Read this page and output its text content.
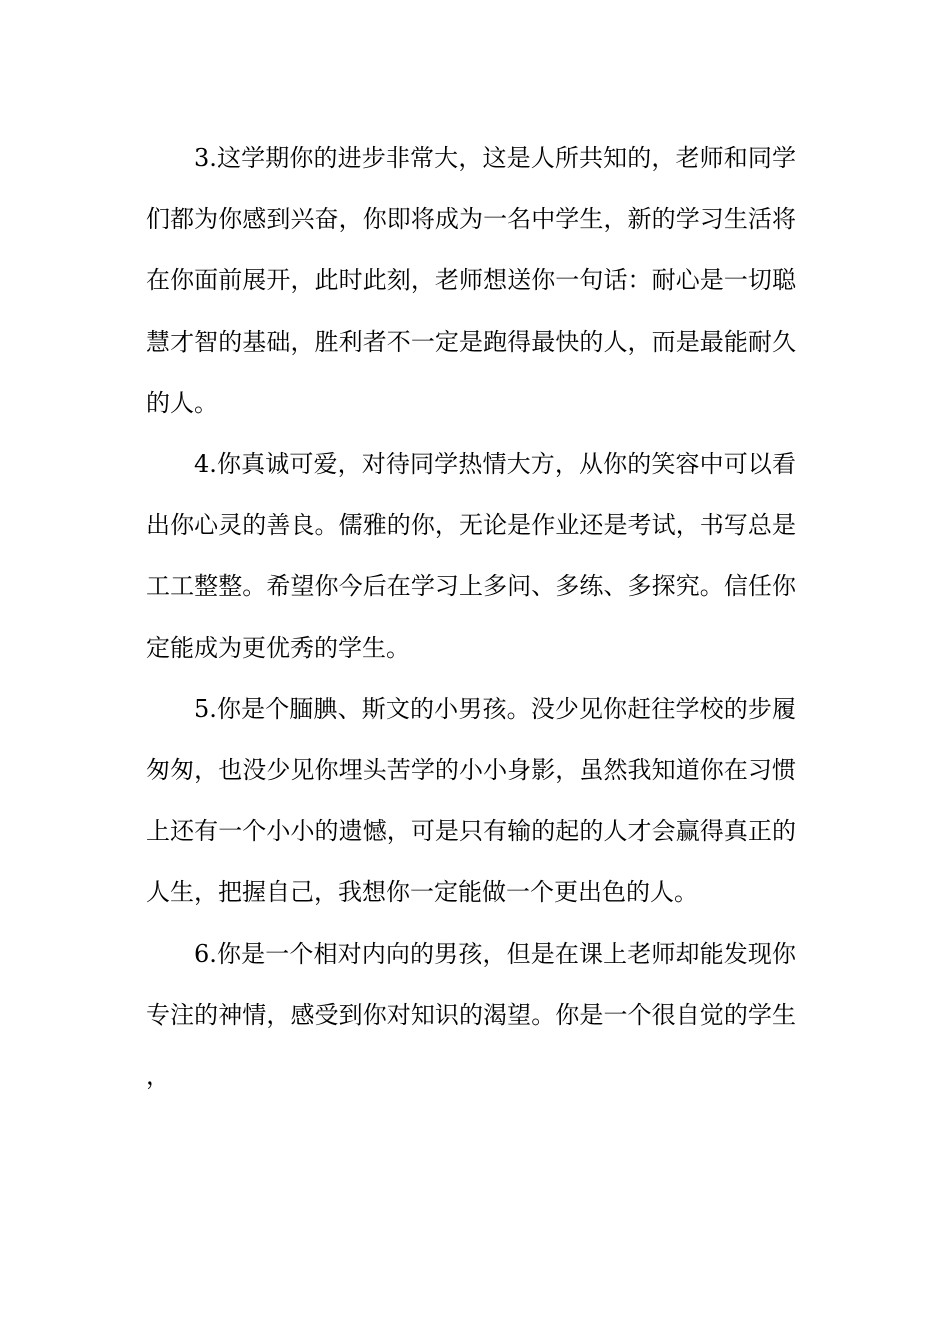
3.这学期你的进步非常大，这是人所共知的，老师和同学们都为你感到兴奋，你即将成为一名中学生，新的学习生活将在你面前展开，此时此刻，老师想送你一句话：耐心是一切聪慧才智的基础，胜利者不一定是跑得最快的人，而是最能耐久的人。

4.你真诚可爱，对待同学热情大方，从你的笑容中可以看出你心灵的善良。儒雅的你，无论是作业还是考试，书写总是工工整整。希望你今后在学习上多问、多练、多探究。信任你定能成为更优秀的学生。

5.你是个腼腆、斯文的小男孩。没少见你赶往学校的步履匆匆，也没少见你埋头苦学的小小身影，虽然我知道你在习惯上还有一个小小的遗憾，可是只有输的起的人才会赢得真正的人生，把握自己，我想你一定能做一个更出色的人。

6.你是一个相对内向的男孩，但是在课上老师却能发现你专注的神情，感受到你对知识的渴望。你是一个很自觉的学生，
